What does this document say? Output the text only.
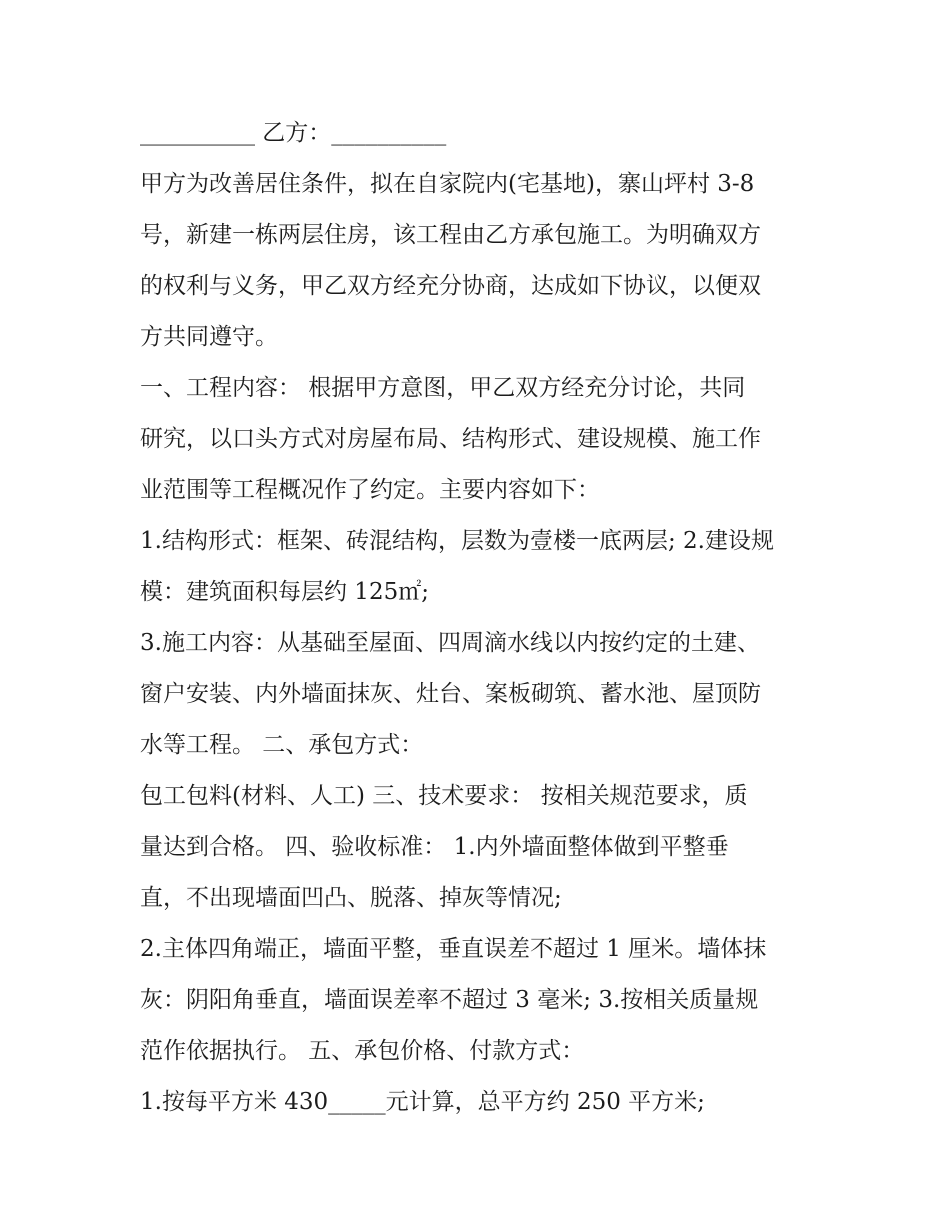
__________ 乙方：__________
甲方为改善居住条件，拟在自家院内(宅基地)，寨山坪村 3-8
号，新建一栋两层住房，该工程由乙方承包施工。为明确双方
的权利与义务，甲乙双方经充分协商，达成如下协议，以便双
方共同遵守。
一、工程内容： 根据甲方意图，甲乙双方经充分讨论，共同
研究，以口头方式对房屋布局、结构形式、建设规模、施工作
业范围等工程概况作了约定。主要内容如下：
1.结构形式：框架、砖混结构，层数为壹楼一底两层; 2.建设规
模：建筑面积每层约 125㎡;
3.施工内容：从基础至屋面、四周滴水线以内按约定的土建、
窗户安装、内外墙面抹灰、灶台、案板砌筑、蓄水池、屋顶防
水等工程。 二、承包方式：
包工包料(材料、人工) 三、技术要求： 按相关规范要求，质
量达到合格。 四、验收标准： 1.内外墙面整体做到平整垂
直，不出现墙面凹凸、脱落、掉灰等情况;
2.主体四角端正，墙面平整，垂直误差不超过 1 厘米。墙体抹
灰：阴阳角垂直，墙面误差率不超过 3 毫米; 3.按相关质量规
范作依据执行。 五、承包价格、付款方式：
1.按每平方米 430_____元计算，总平方约 250 平方米;
